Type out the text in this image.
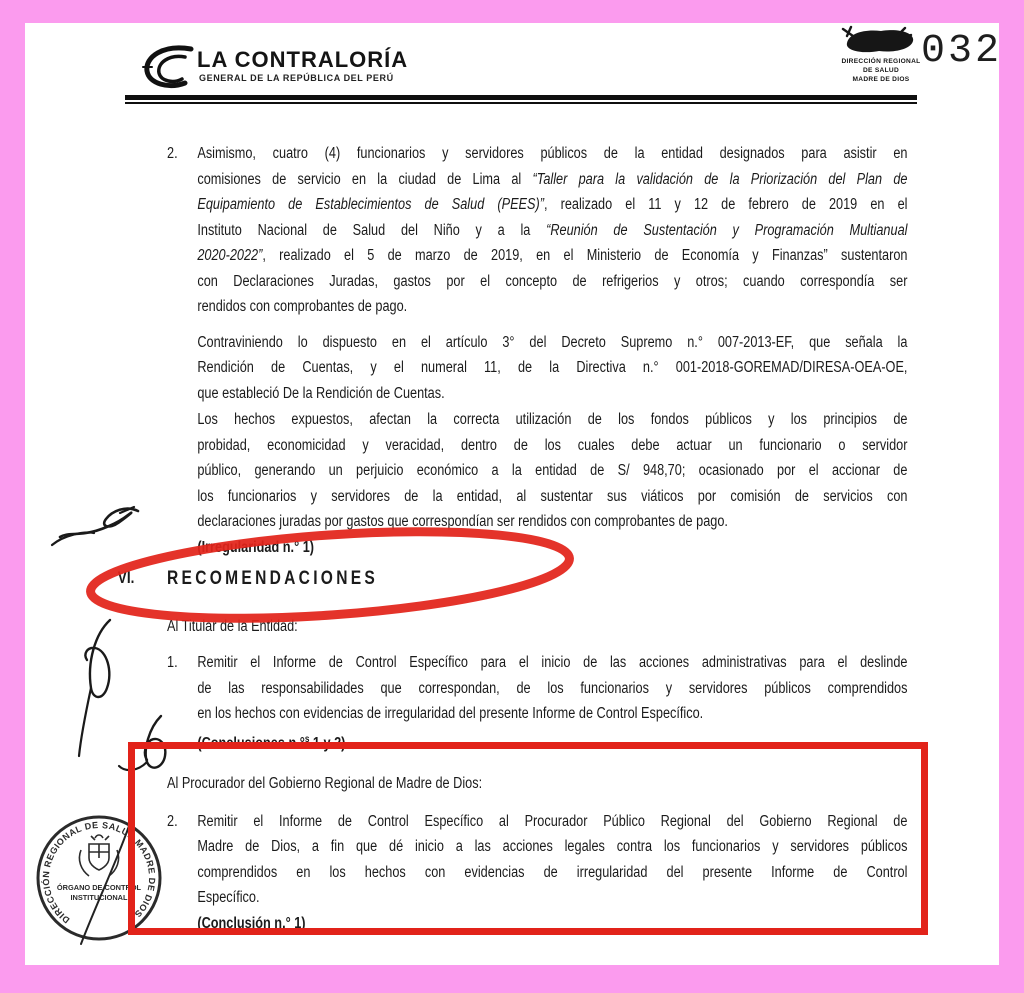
LA CONTRALORÍA
GENERAL DE LA REPÚBLICA DEL PERÚ
DIRECCIÓN REGIONAL
DE SALUD
MADRE DE DIOS
032
2.	Asimismo, cuatro (4) funcionarios y servidores públicos de la entidad designados para asistir en
comisiones de servicio en la ciudad de Lima al “Taller para la validación de la Priorización del Plan de
Equipamiento de Establecimientos de Salud (PEES)”, realizado el 11 y 12 de febrero de 2019 en el
Instituto Nacional de Salud del Niño y a la “Reunión de Sustentación y Programación Multianual
2020-2022”, realizado el 5 de marzo de 2019, en el Ministerio de Economía y Finanzas” sustentaron
con Declaraciones Juradas, gastos por el concepto de refrigerios y otros; cuando correspondía ser
rendidos con comprobantes de pago.
Contraviniendo lo dispuesto en el artículo 3° del Decreto Supremo n.° 007-2013-EF, que señala la
Rendición de Cuentas, y el numeral 11, de la Directiva n.° 001-2018-GOREMAD/DIRESA-OEA-OE,
que estableció De la Rendición de Cuentas.
Los hechos expuestos, afectan la correcta utilización de los fondos públicos y los principios de
probidad, economicidad y veracidad, dentro de los cuales debe actuar un funcionario o servidor
público, generando un perjuicio económico a la entidad de S/ 948,70; ocasionado por el accionar de
los funcionarios y servidores de la entidad, al sustentar sus viáticos por comisión de servicios con
declaraciones juradas por gastos que correspondían ser rendidos con comprobantes de pago.
(Irregularidad n.° 1)
VI. RECOMENDACIONES
Al Titular de la Entidad:
1.	Remitir el Informe de Control Específico para el inicio de las acciones administrativas para el deslinde
de las responsabilidades que correspondan, de los funcionarios y servidores públicos comprendidos
en los hechos con evidencias de irregularidad del presente Informe de Control Específico.
(Conclusiones n.°$^s$ 1 y 2)
Al Procurador del Gobierno Regional de Madre de Dios:
2.	Remitir el Informe de Control Específico al Procurador Público Regional del Gobierno Regional de
Madre de Dios, a fin que dé inicio a las acciones legales contra los funcionarios y servidores públicos
comprendidos en los hechos con evidencias de irregularidad del presente Informe de Control
Específico.
(Conclusión n.° 1)
DIRECCIÓN REGIONAL DE SALUD MADRE DE DIOS
ÓRGANO DE CONTROL
INSTITUCIONAL
